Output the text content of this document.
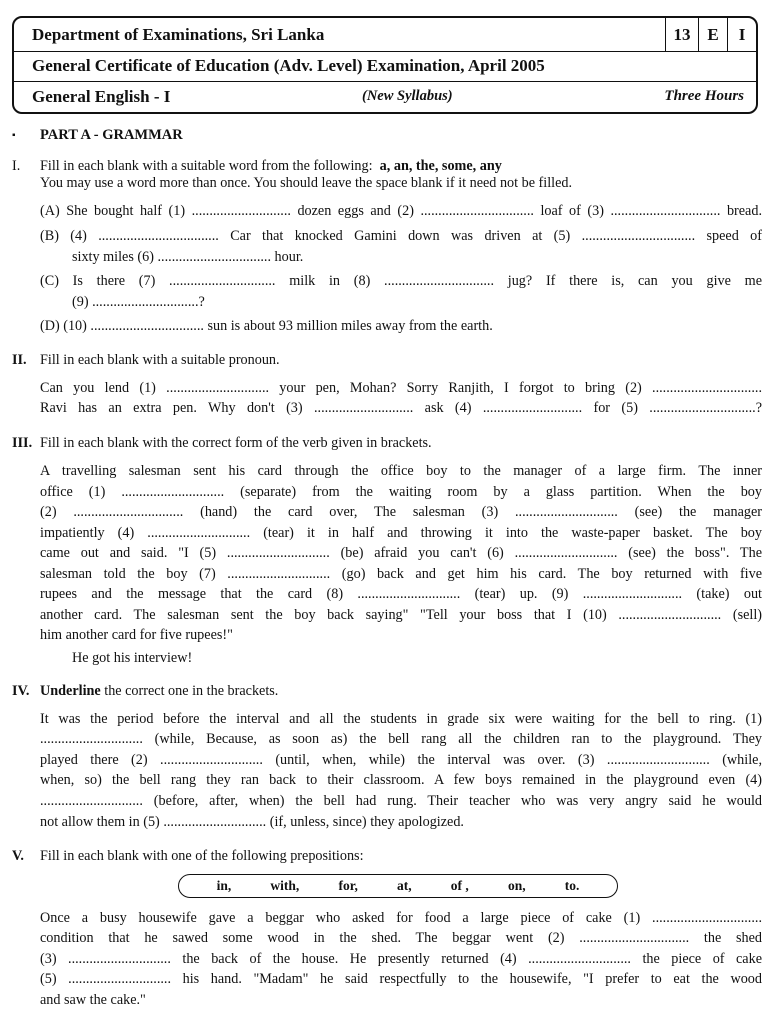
Department of Examinations, Sri Lanka	13 E	I
General Certificate of Education (Adv. Level) Examination, April 2005
General English - I	(New Syllabus)	Three Hours
▪ PART A - GRAMMAR
I. Fill in each blank with a suitable word from the following: a, an, the, some, any
You may use a word more than once. You should leave the space blank if it need not be filled.
(A) She bought half (1) ............................ dozen eggs and (2) ................................ loaf of (3) ............................... bread.
(B) (4) .................................. Car that knocked Gamini down was driven at (5) ................................ speed of
sixty miles (6) ................................ hour.
(C) Is there (7) .............................. milk in (8) ............................... jug? If there is, can you give me
(9) ..............................?
(D) (10) ................................ sun is about 93 million miles away from the earth.
II. Fill in each blank with a suitable pronoun.
Can you lend (1) ............................. your pen, Mohan? Sorry Ranjith, I forgot to bring (2) ...............................
Ravi has an extra pen. Why don't (3) ............................ ask (4) ............................ for (5) ..............................?
III. Fill in each blank with the correct form of the verb given in brackets.
A travelling salesman sent his card through the office boy to the manager of a large firm. The inner
office (1) ............................. (separate) from the waiting room by a glass partition. When the boy
(2) ............................... (hand) the card over, The salesman (3) ............................. (see) the manager
impatiently (4) ............................. (tear) it in half and throwing it into the waste-paper basket. The boy
came out and said. "I (5) ............................. (be) afraid you can't (6) ............................. (see) the boss". The
salesman told the boy (7) ............................. (go) back and get him his card. The boy returned with five
rupees and the message that the card (8) ............................. (tear) up. (9) ............................ (take) out
another card. The salesman sent the boy back saying" "Tell your boss that I (10) ............................. (sell)
him another card for five rupees!"
He got his interview!
IV. Underline the correct one in the brackets.
It was the period before the interval and all the students in grade six were waiting for the bell to ring. (1)
............................. (while, Because, as soon as) the bell rang all the children ran to the playground. They
played there (2) ............................. (until, when, while) the interval was over. (3) ............................. (while,
when, so) the bell rang they ran back to their classroom. A few boys remained in the playground even (4)
............................. (before, after, when) the bell had rung. Their teacher who was very angry said he would
not allow them in (5) ............................. (if, unless, since) they apologized.
V. Fill in each blank with one of the following prepositions:
in,	with,	for,	at,	of ,	on,	to.
Once a busy housewife gave a beggar who asked for food a large piece of cake (1) ...............................
condition that he sawed some wood in the shed. The beggar went (2) ............................... the shed
(3) ............................. the back of the house. He presently returned (4) ............................. the piece of cake
(5) ............................. his hand. "Madam" he said respectfully to the housewife, "I prefer to eat the wood
and saw the cake."
